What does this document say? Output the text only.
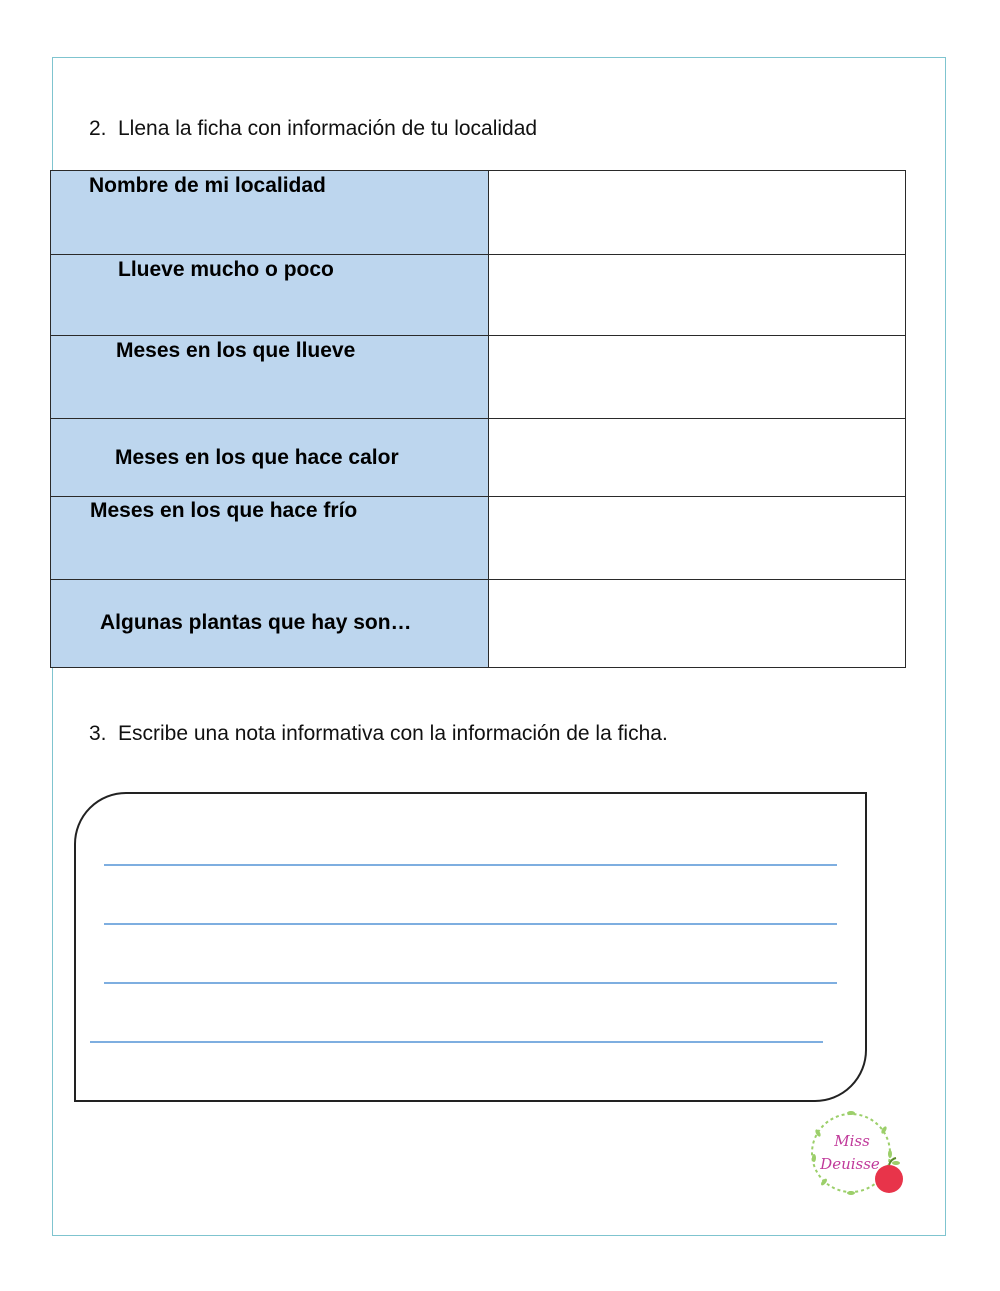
2. Llena la ficha con información de tu localidad
Nombre de mi localidad	

Llueve mucho o poco	

Meses en los que llueve	

Meses en los que hace calor	

Meses en los que hace frío	

Algunas plantas que hay son…	

3. Escribe una nota informativa con la información de la ficha.
Miss
Deuisse
